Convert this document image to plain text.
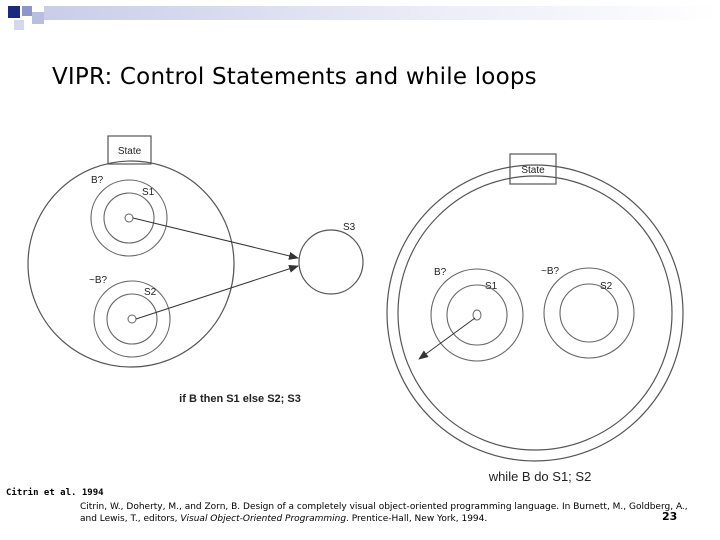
VIPR: Control Statements and while loops
State
B?
S1
~B?
S2
S3
if B then S1 else S2; S3
State
B?
S1
~B?
S2
while B do S1; S2
Citrin et al. 1994
Citrin, W., Doherty, M., and Zorn, B. Design of a completely visual object-oriented programming language. In Burnett, M., Goldberg, A., and Lewis, T., editors, Visual Object-Oriented Programming. Prentice-Hall, New York, 1994.	23
